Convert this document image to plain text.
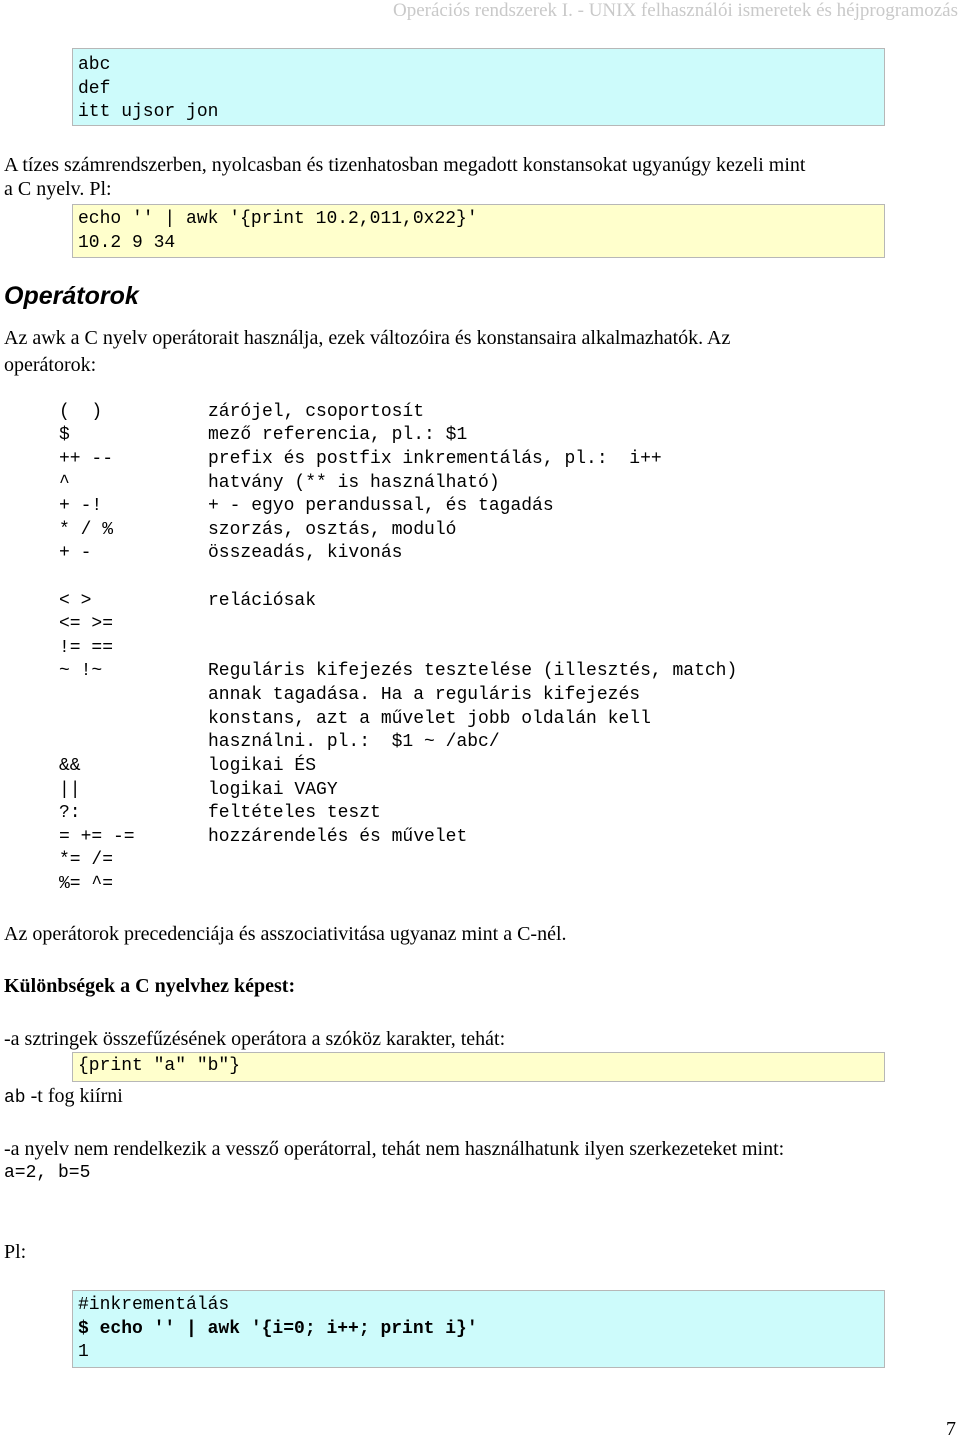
Operációs rendszerek I. - UNIX felhasználói ismeretek és héjprogramozás
abc
def
itt ujsor jon
A tízes számrendszerben, nyolcasban és tizenhatosban megadott konstansokat ugyanúgy kezeli mint
a C nyelv. Pl:
echo '' | awk '{print 10.2,011,0x22}'
10.2 9 34
Operátorok
Az awk a C nyelv operátorait használja, ezek változóira és konstansaira alkalmazhatók. Az
operátorok:
(  )	zárójel, csoportosít
$	mező referencia, pl.: $1
++ --	prefix és postfix inkrementálás, pl.:  i++
^	hatvány (** is használható)
+ -!	+ - egyo perandussal, és tagadás
* / %	szorzás, osztás, moduló
+ -	összeadás, kivonás
< >	relációsak
<= >=
!= ==
~ !~	Reguláris kifejezés tesztelése (illesztés, match)
annak tagadása. Ha a reguláris kifejezés
konstans, azt a művelet jobb oldalán kell
használni. pl.:  $1 ~ /abc/
&&	logikai ÉS
||	logikai VAGY
?:	feltételes teszt
= += -=	hozzárendelés és művelet
*= /=
%= ^=
Az operátorok precedenciája és asszociativitása ugyanaz mint a C-nél.
Különbségek a C nyelvhez képest:
-a sztringek összefűzésének operátora a szóköz karakter, tehát:
{print "a" "b"}
ab -t fog kiírni
-a nyelv nem rendelkezik a vessző operátorral, tehát nem használhatunk ilyen szerkezeteket mint:
a=2, b=5
Pl:
#inkrementálás
$ echo '' | awk '{i=0; i++; print i}'
1
7
